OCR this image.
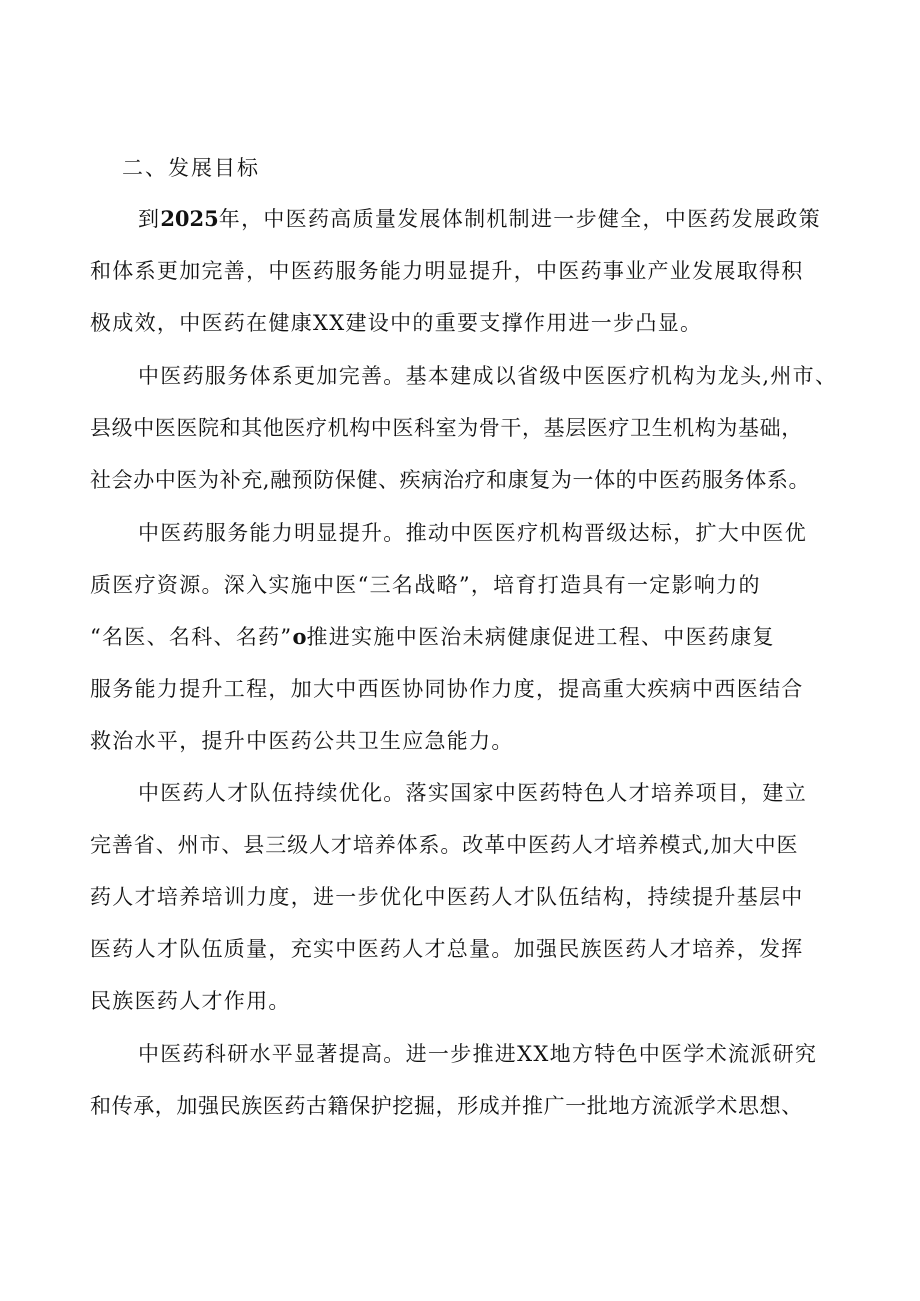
二、发展目标
到2025年，中医药高质量发展体制机制进一步健全，中医药发展政策
和体系更加完善，中医药服务能力明显提升，中医药事业产业发展取得积
极成效，中医药在健康XX建设中的重要支撑作用进一步凸显。
中医药服务体系更加完善。基本建成以省级中医医疗机构为龙头,州市、
县级中医医院和其他医疗机构中医科室为骨干，基层医疗卫生机构为基础，
社会办中医为补充,融预防保健、疾病治疗和康复为一体的中医药服务体系。
中医药服务能力明显提升。推动中医医疗机构晋级达标，扩大中医优
质医疗资源。深入实施中医“三名战略”，培育打造具有一定影响力的
“名医、名科、名药”o推进实施中医治未病健康促进工程、中医药康复
服务能力提升工程，加大中西医协同协作力度，提高重大疾病中西医结合
救治水平，提升中医药公共卫生应急能力。
中医药人才队伍持续优化。落实国家中医药特色人才培养项目，建立
完善省、州市、县三级人才培养体系。改革中医药人才培养模式,加大中医
药人才培养培训力度，进一步优化中医药人才队伍结构，持续提升基层中
医药人才队伍质量，充实中医药人才总量。加强民族医药人才培养，发挥
民族医药人才作用。
中医药科研水平显著提高。进一步推进XX地方特色中医学术流派研究
和传承，加强民族医药古籍保护挖掘，形成并推广一批地方流派学术思想、
